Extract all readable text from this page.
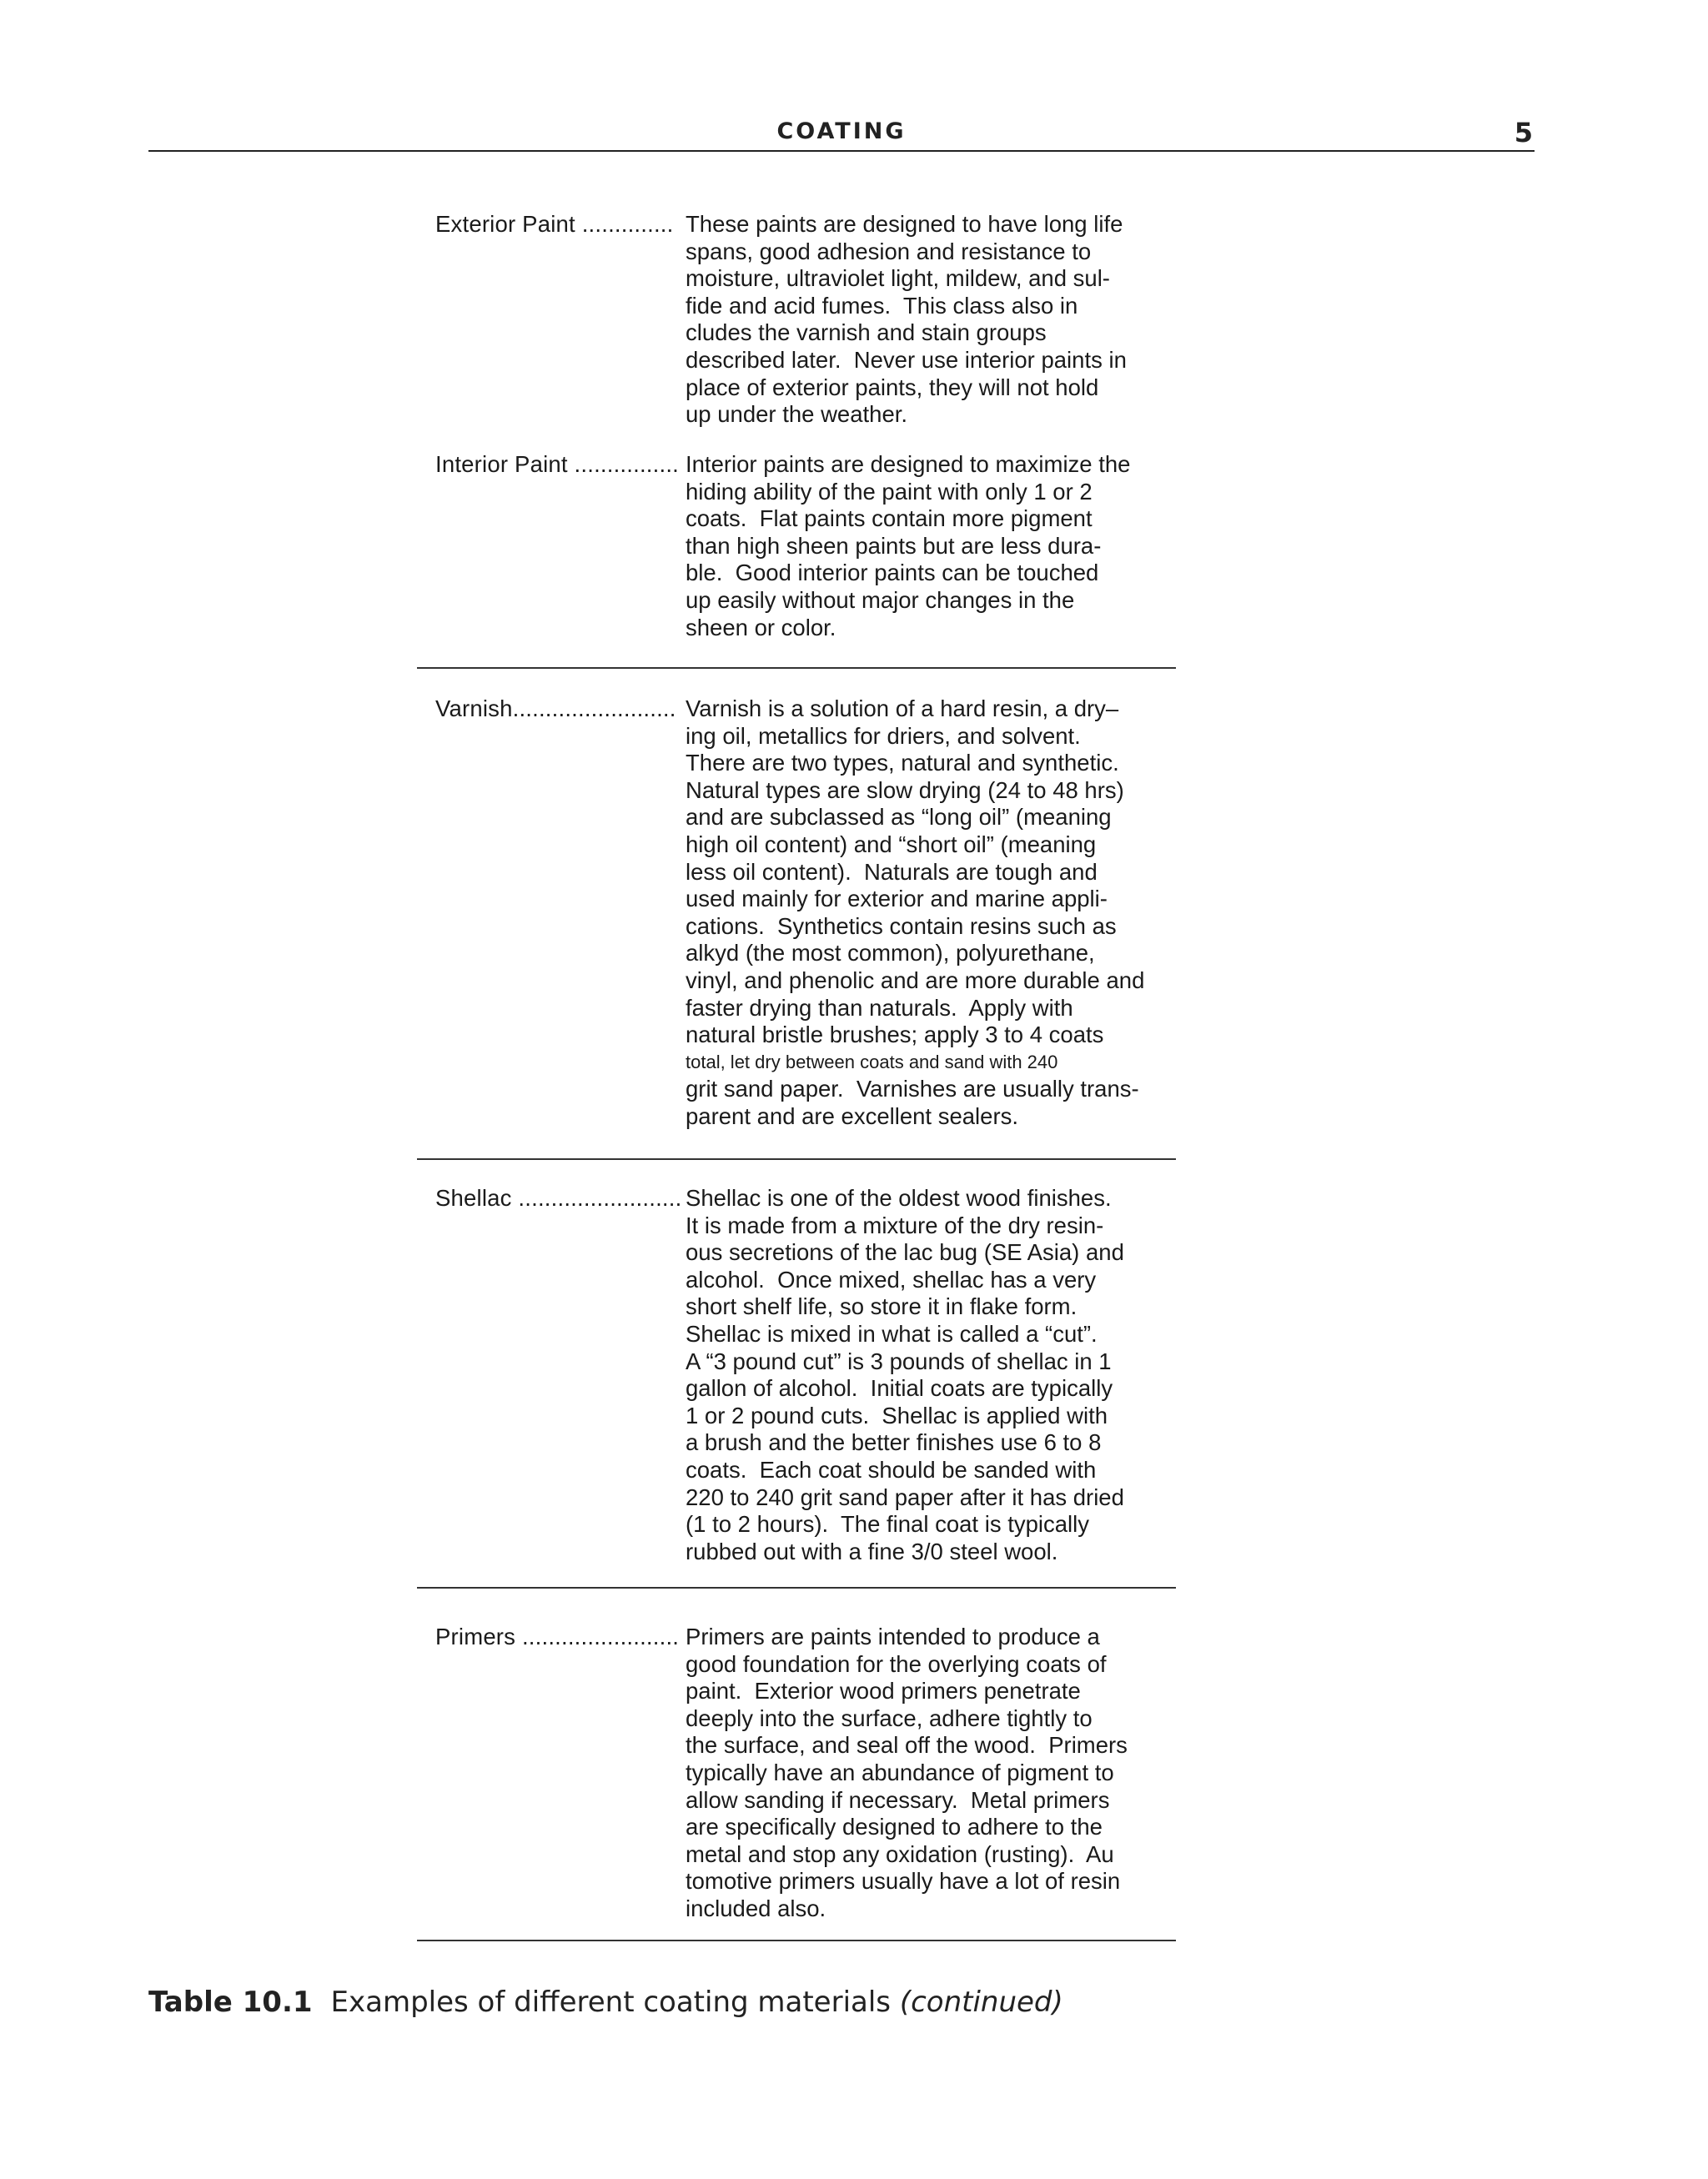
COATING	5
Exterior Paint .............. These paints are designed to have long life

spans, good adhesion and resistance to

moisture, ultraviolet light, mildew, and sul-

fide and acid fumes.  This class also in

cludes the varnish and stain groups

described later.  Never use interior paints in

place of exterior paints, they will not hold

up under the weather.

Interior Paint ................ Interior paints are designed to maximize the

hiding ability of the paint with only 1 or 2

coats.  Flat paints contain more pigment

than high sheen paints but are less dura-

ble.  Good interior paints can be touched

up easily without major changes in the

sheen or color.

Varnish......................... Varnish is a solution of a hard resin, a dry–

ing oil, metallics for driers, and solvent.

There are two types, natural and synthetic.

Natural types are slow drying (24 to 48 hrs)

and are subclassed as “long oil” (meaning

high oil content) and “short oil” (meaning

less oil content).  Naturals are tough and

used mainly for exterior and marine appli-

cations.  Synthetics contain resins such as

alkyd (the most common), polyurethane,

vinyl, and phenolic and are more durable and

faster drying than naturals.  Apply with

natural bristle brushes; apply 3 to 4 coats

total, let dry between coats and sand with 240

grit sand paper.  Varnishes are usually trans-

parent and are excellent sealers.

Shellac ......................... Shellac is one of the oldest wood finishes.

It is made from a mixture of the dry resin-

ous secretions of the lac bug (SE Asia) and

alcohol.  Once mixed, shellac has a very

short shelf life, so store it in flake form.

Shellac is mixed in what is called a “cut”.

A “3 pound cut” is 3 pounds of shellac in 1

gallon of alcohol.  Initial coats are typically

1 or 2 pound cuts.  Shellac is applied with

a brush and the better finishes use 6 to 8

coats.  Each coat should be sanded with

220 to 240 grit sand paper after it has dried

(1 to 2 hours).  The final coat is typically

rubbed out with a fine 3/0 steel wool.

Primers ........................ Primers are paints intended to produce a

good foundation for the overlying coats of

paint.  Exterior wood primers penetrate

deeply into the surface, adhere tightly to

the surface, and seal off the wood.  Primers

typically have an abundance of pigment to

allow sanding if necessary.  Metal primers

are specifically designed to adhere to the

metal and stop any oxidation (rusting).  Au

tomotive primers usually have a lot of resin

included also.

Table 10.1 Examples of different coating materials (continued)
